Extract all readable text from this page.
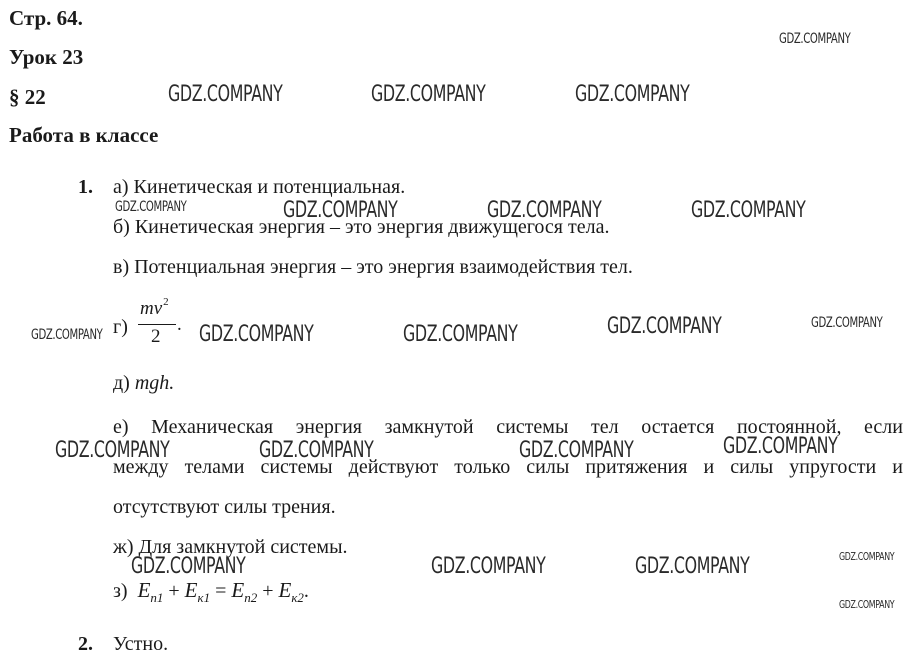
Стр. 64.
Урок 23
§ 22
Работа в классе
1. а) Кинетическая и потенциальная.
б) Кинетическая энергия – это энергия движущегося тела.
в) Потенциальная энергия – это энергия взаимодействия тел.
г)
$mv^2$
2
.
д) mgh.
е) Механическая энергия замкнутой системы тел остается постоянной, если
между телами системы действуют только силы притяжения и силы упругости и
отсутствуют силы трения.
ж) Для замкнутой системы.
з) $E_{п1} + E_{к1} = E_{п2} + E_{к2}$.
2. Устно.
GDZ.COMPANY
GDZ.COMPANY	GDZ.COMPANY	GDZ.COMPANY
GDZ.COMPANY	GDZ.COMPANY	GDZ.COMPANY	GDZ.COMPANY
GDZ.COMPANY	GDZ.COMPANY	GDZ.COMPANY	GDZ.COMPANY	GDZ.COMPANY
GDZ.COMPANY	GDZ.COMPANY	GDZ.COMPANY	GDZ.COMPANY
GDZ.COMPANY	GDZ.COMPANY	GDZ.COMPANY	GDZ.COMPANY
GDZ.COMPANY
